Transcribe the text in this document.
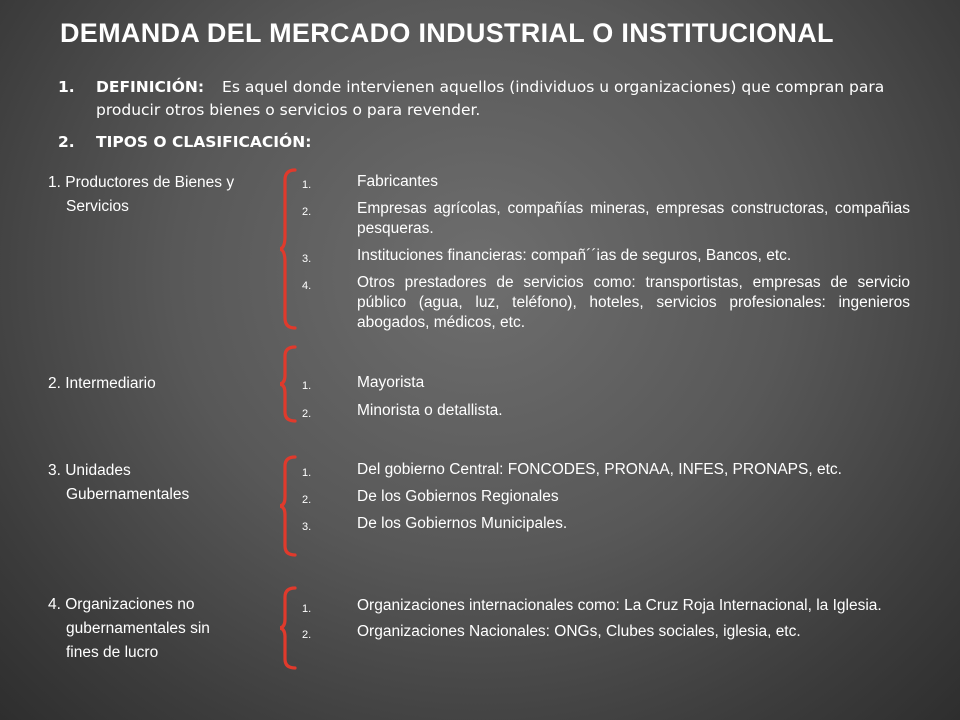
DEMANDA DEL MERCADO INDUSTRIAL O INSTITUCIONAL
1.	DEFINICIÓN: Es aquel donde intervienen aquellos (individuos u organizaciones) que compran para producir otros bienes o servicios o para revender.
2. TIPOS O CLASIFICACIÓN:
1. Productores de Bienes y
Servicios
1.	Fabricantes
2.	Empresas agrícolas, compañías mineras, empresas constructoras, compañias pesqueras.
3.	Instituciones financieras: compañ´´ias de seguros, Bancos, etc.
4.	Otros prestadores de servicios como: transportistas, empresas de servicio público (agua, luz, teléfono), hoteles, servicios profesionales: ingenieros abogados, médicos, etc.
2. Intermediario	1.	Mayorista
2.	Minorista o detallista.
3. Unidades
Gubernamentales
1.	Del gobierno Central: FONCODES, PRONAA, INFES, PRONAPS, etc.
2.	De los Gobiernos Regionales
3.	De los Gobiernos Municipales.
4. Organizaciones no
gubernamentales sin
fines de lucro
1.	Organizaciones internacionales como: La Cruz Roja Internacional, la Iglesia.
2.	Organizaciones Nacionales: ONGs, Clubes sociales, iglesia, etc.
